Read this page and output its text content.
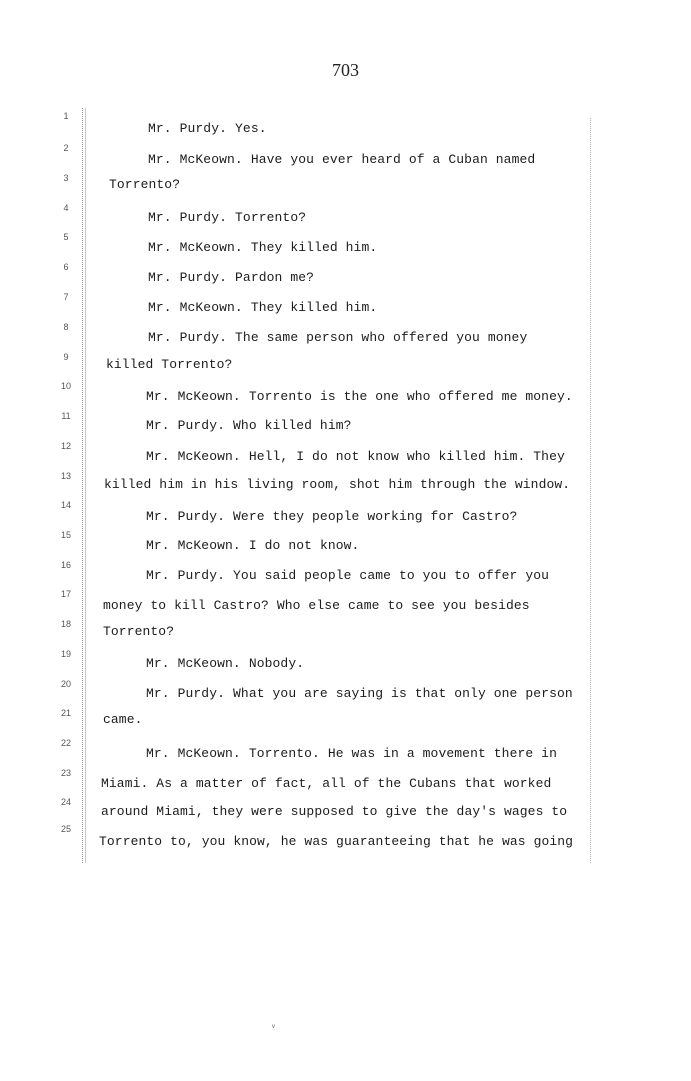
703
1
2
3
4
5
6
7
8
9
10
11
12
13
14
15
16
17
18
19
20
21
22
23
24
25
Mr. Purdy. Yes.
Mr. McKeown. Have you ever heard of a Cuban named
Torrento?
Mr. Purdy. Torrento?
Mr. McKeown. They killed him.
Mr. Purdy. Pardon me?
Mr. McKeown. They killed him.
Mr. Purdy. The same person who offered you money
killed Torrento?
Mr. McKeown. Torrento is the one who offered me money.
Mr. Purdy. Who killed him?
Mr. McKeown. Hell, I do not know who killed him. They
killed him in his living room, shot him through the window.
Mr. Purdy. Were they people working for Castro?
Mr. McKeown. I do not know.
Mr. Purdy. You said people came to you to offer you
money to kill Castro? Who else came to see you besides
Torrento?
Mr. McKeown. Nobody.
Mr. Purdy. What you are saying is that only one person
came.
Mr. McKeown. Torrento. He was in a movement there in
Miami. As a matter of fact, all of the Cubans that worked
around Miami, they were supposed to give the day's wages to
Torrento to, you know, he was guaranteeing that he was going
ᵛ
